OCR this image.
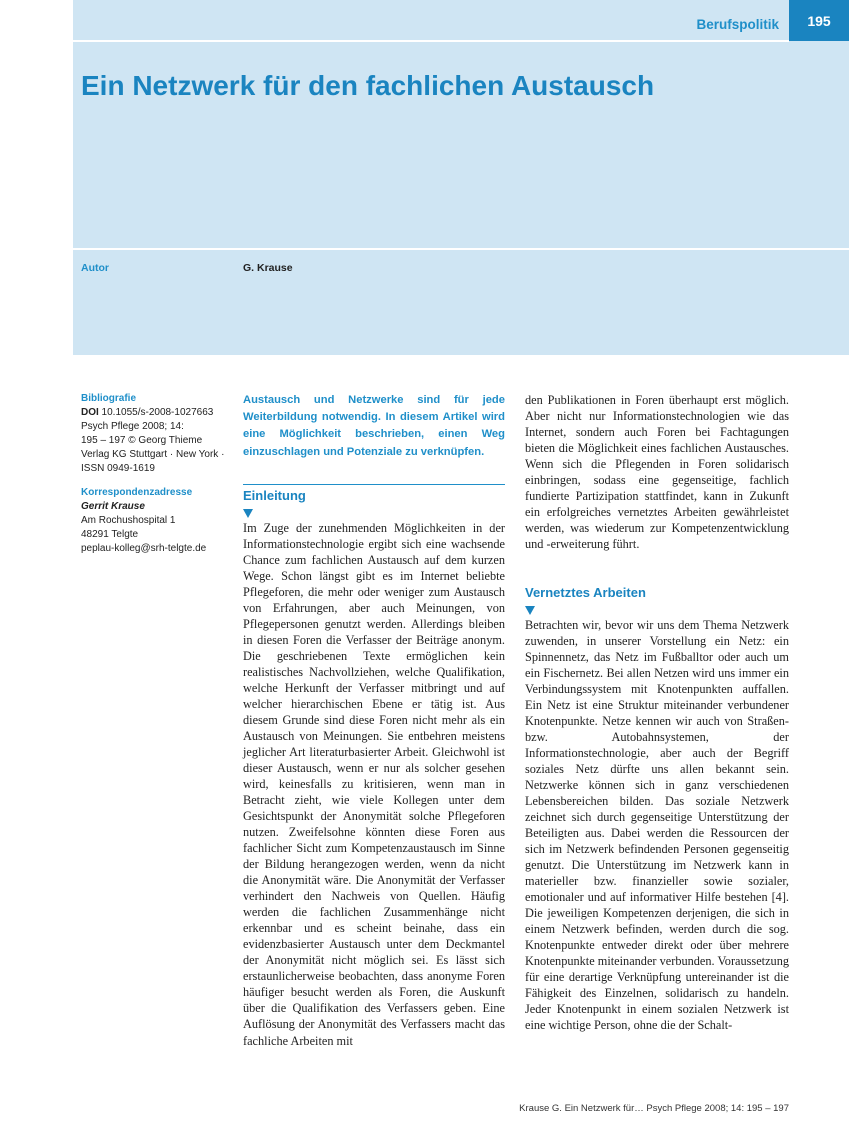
Berufspolitik	195
Ein Netzwerk für den fachlichen Austausch
Autor	G. Krause
Bibliografie
DOI 10.1055/s-2008-1027663
Psych Pflege 2008; 14:
195 – 197 © Georg Thieme
Verlag KG Stuttgart · New York ·
ISSN 0949-1619
Korrespondenzadresse
Gerrit Krause
Am Rochushospital 1
48291 Telgte
peplau-kolleg@srh-telgte.de

Austausch und Netzwerke sind für jede Weiterbildung notwendig. In diesem Artikel wird eine Möglichkeit beschrieben, einen Weg einzuschlagen und Potenziale zu verknüpfen.

Einleitung

Im Zuge der zunehmenden Möglichkeiten in der Informationstechnologie ergibt sich eine wachsende Chance zum fachlichen Austausch auf dem kurzen Wege. Schon längst gibt es im Internet beliebte Pflegeforen, die mehr oder weniger zum Austausch von Erfahrungen, aber auch Meinungen, von Pflegepersonen genutzt werden. Allerdings bleiben in diesen Foren die Verfasser der Beiträge anonym. Die geschriebenen Texte ermöglichen kein realistisches Nachvollziehen, welche Qualifikation, welche Herkunft der Verfasser mitbringt und auf welcher hierarchischen Ebene er tätig ist. Aus diesem Grunde sind diese Foren nicht mehr als ein Austausch von Meinungen. Sie entbehren meistens jeglicher Art literaturbasierter Arbeit. Gleichwohl ist dieser Austausch, wenn er nur als solcher gesehen wird, keinesfalls zu kritisieren, wenn man in Betracht zieht, wie viele Kollegen unter dem Gesichtspunkt der Anonymität solche Pflegeforen nutzen. Zweifelsohne könnten diese Foren aus fachlicher Sicht zum Kompetenzaustausch im Sinne der Bildung herangezogen werden, wenn da nicht die Anonymität wäre. Die Anonymität der Verfasser verhindert den Nachweis von Quellen. Häufig werden die fachlichen Zusammenhänge nicht erkennbar und es scheint beinahe, dass ein evidenzbasierter Austausch unter dem Deckmantel der Anonymität nicht möglich sei. Es lässt sich erstaunlicherweise beobachten, dass anonyme Foren häufiger besucht werden als Foren, die Auskunft über die Qualifikation des Verfassers geben. Eine Auflösung der Anonymität des Verfassers macht das fachliche Arbeiten mit

den Publikationen in Foren überhaupt erst möglich. Aber nicht nur Informationstechnologien wie das Internet, sondern auch Foren bei Fachtagungen bieten die Möglichkeit eines fachlichen Austausches. Wenn sich die Pflegenden in Foren solidarisch einbringen, sodass eine gegenseitige, fachlich fundierte Partizipation stattfindet, kann in Zukunft ein erfolgreiches vernetztes Arbeiten gewährleistet werden, was wiederum zur Kompetenzentwicklung und -erweiterung führt.

Vernetztes Arbeiten

Betrachten wir, bevor wir uns dem Thema Netzwerk zuwenden, in unserer Vorstellung ein Netz: ein Spinnennetz, das Netz im Fußballtor oder auch um ein Fischernetz. Bei allen Netzen wird uns immer ein Verbindungssystem mit Knotenpunkten auffallen. Ein Netz ist eine Struktur miteinander verbundener Knotenpunkte. Netze kennen wir auch von Straßen- bzw. Autobahnsystemen, der Informationstechnologie, aber auch der Begriff soziales Netz dürfte uns allen bekannt sein. Netzwerke können sich in ganz verschiedenen Lebensbereichen bilden. Das soziale Netzwerk zeichnet sich durch gegenseitige Unterstützung der Beteiligten aus. Dabei werden die Ressourcen der sich im Netzwerk befindenden Personen gegenseitig genutzt. Die Unterstützung im Netzwerk kann in materieller bzw. finanzieller sowie sozialer, emotionaler und auf informativer Hilfe bestehen [4]. Die jeweiligen Kompetenzen derjenigen, die sich in einem Netzwerk befinden, werden durch die sog. Knotenpunkte entweder direkt oder über mehrere Knotenpunkte miteinander verbunden. Voraussetzung für eine derartige Verknüpfung untereinander ist die Fähigkeit des Einzelnen, solidarisch zu handeln. Jeder Knotenpunkt in einem sozialen Netzwerk ist eine wichtige Person, ohne die der Schalt-

Krause G. Ein Netzwerk für… Psych Pflege 2008; 14: 195 – 197
